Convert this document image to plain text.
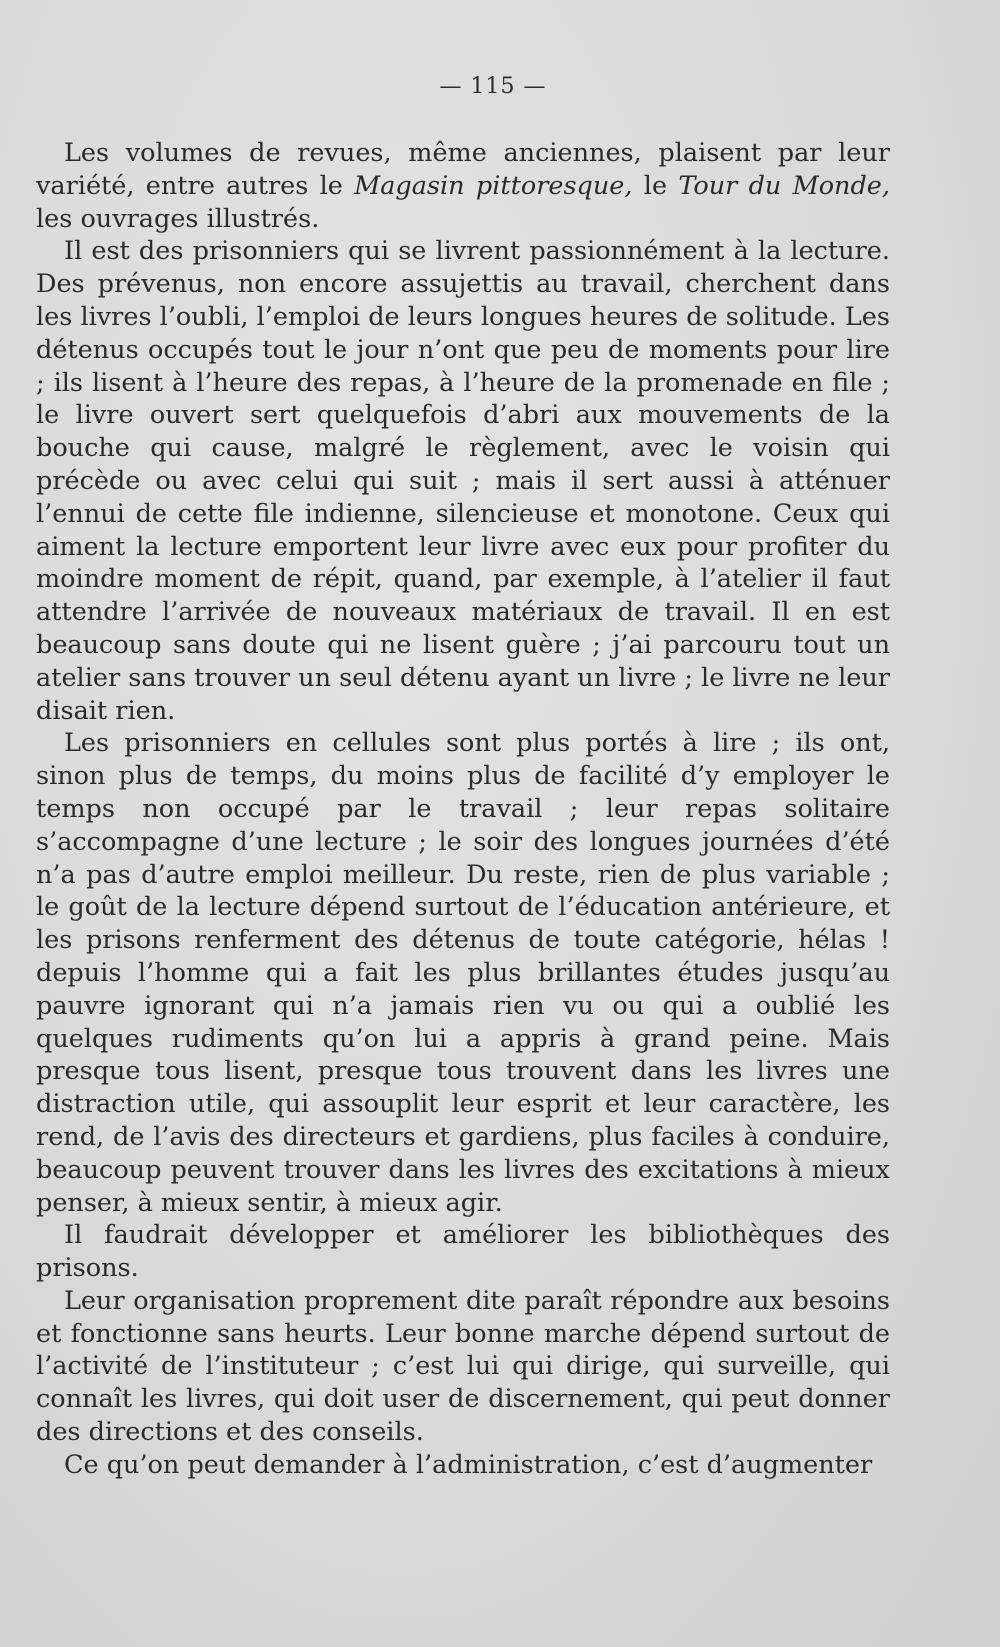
— 115 —

Les volumes de revues, même anciennes, plaisent par leur variété, entre autres le Magasin pittoresque, le Tour du Monde, les ouvrages illustrés.

Il est des prisonniers qui se livrent passionnément à la lecture. Des prévenus, non encore assujettis au travail, cherchent dans les livres l’oubli, l’emploi de leurs longues heures de solitude. Les détenus occupés tout le jour n’ont que peu de moments pour lire ; ils lisent à l’heure des repas, à l’heure de la promenade en file ; le livre ouvert sert quelquefois d’abri aux mouvements de la bouche qui cause, malgré le règlement, avec le voisin qui précède ou avec celui qui suit ; mais il sert aussi à atténuer l’ennui de cette file indienne, silencieuse et monotone. Ceux qui aiment la lecture emportent leur livre avec eux pour profiter du moindre moment de répit, quand, par exemple, à l’atelier il faut attendre l’arrivée de nouveaux matériaux de travail. Il en est beaucoup sans doute qui ne lisent guère ; j’ai parcouru tout un atelier sans trouver un seul détenu ayant un livre ; le livre ne leur disait rien.

Les prisonniers en cellules sont plus portés à lire ; ils ont, sinon plus de temps, du moins plus de facilité d’y employer le temps non occupé par le travail ; leur repas solitaire s’accompagne d’une lecture ; le soir des longues journées d’été n’a pas d’autre emploi meilleur. Du reste, rien de plus variable ; le goût de la lecture dépend surtout de l’éducation antérieure, et les prisons renferment des détenus de toute catégorie, hélas ! depuis l’homme qui a fait les plus brillantes études jusqu’au pauvre ignorant qui n’a jamais rien vu ou qui a oublié les quelques rudiments qu’on lui a appris à grand peine. Mais presque tous lisent, presque tous trouvent dans les livres une distraction utile, qui assouplit leur esprit et leur caractère, les rend, de l’avis des directeurs et gardiens, plus faciles à conduire, beaucoup peuvent trouver dans les livres des excitations à mieux penser, à mieux sentir, à mieux agir.

Il faudrait développer et améliorer les bibliothèques des prisons.

Leur organisation proprement dite paraît répondre aux besoins et fonctionne sans heurts. Leur bonne marche dépend surtout de l’activité de l’instituteur ; c’est lui qui dirige, qui surveille, qui connaît les livres, qui doit user de discernement, qui peut donner des directions et des conseils.

Ce qu’on peut demander à l’administration, c’est d’augmenter
